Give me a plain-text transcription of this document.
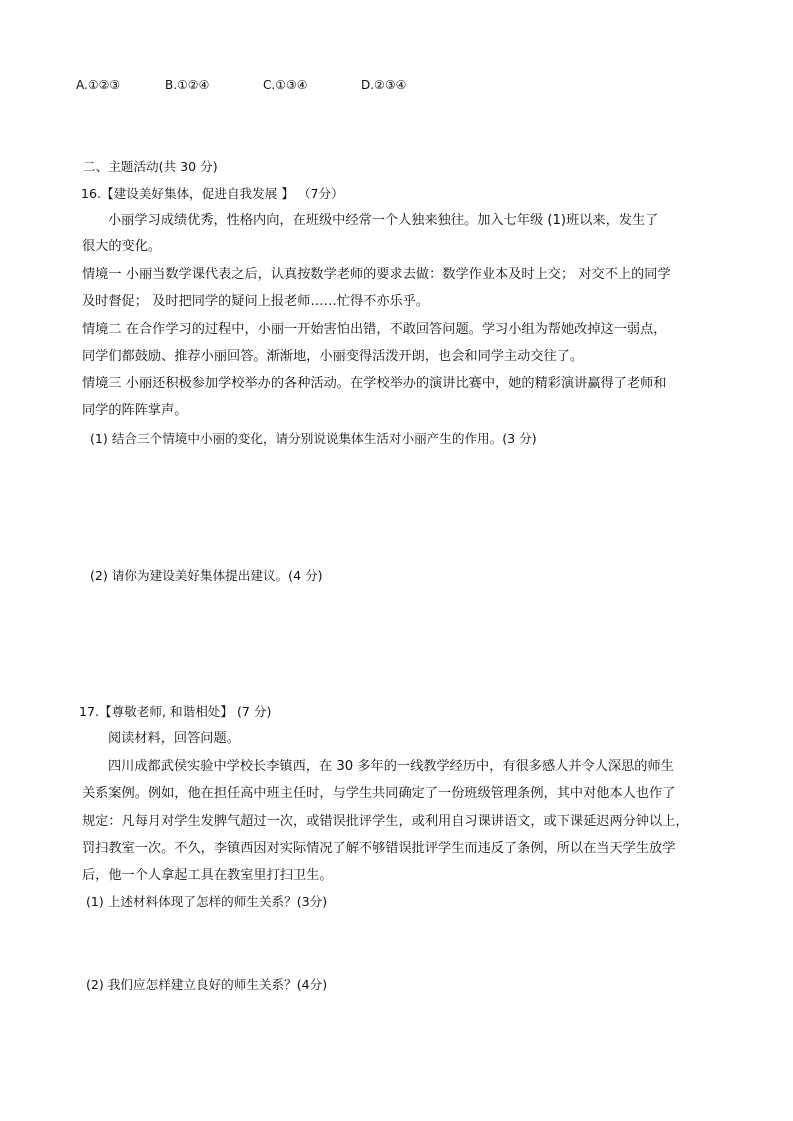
A.①②③	B.①②④	C.①③④	D.②③④
二、主题活动(共 30 分)
16.【建设美好集体，促进自我发展 】 （7分）
小丽学习成绩优秀，性格内向，在班级中经常一个人独来独往。加入七年级 (1)班以来，发生了
很大的变化。
情境一 小丽当数学课代表之后，认真按数学老师的要求去做：数学作业本及时上交； 对交不上的同学
及时督促； 及时把同学的疑问上报老师……忙得不亦乐乎。
情境二 在合作学习的过程中，小丽一开始害怕出错，不敢回答问题。学习小组为帮她改掉这一弱点，
同学们都鼓励、推荐小丽回答。渐渐地，小丽变得活泼开朗，也会和同学主动交往了。
情境三 小丽还积极参加学校举办的各种活动。在学校举办的演讲比赛中，她的精彩演讲赢得了老师和
同学的阵阵掌声。
(1) 结合三个情境中小丽的变化，请分别说说集体生活对小丽产生的作用。(3 分)
(2) 请你为建设美好集体提出建议。(4 分)
17.【尊敬老师, 和谐相处】 (7 分)
阅读材料，回答问题。
四川成都武侯实验中学校长李镇西，在 30 多年的一线教学经历中，有很多感人并令人深思的师生
关系案例。例如，他在担任高中班主任时，与学生共同确定了一份班级管理条例，其中对他本人也作了
规定：凡每月对学生发脾气超过一次，或错误批评学生，或利用自习课讲语文，或下课延迟两分钟以上，
罚扫教室一次。不久，李镇西因对实际情况了解不够错误批评学生而违反了条例，所以在当天学生放学
后，他一个人拿起工具在教室里打扫卫生。
(1) 上述材料体现了怎样的师生关系？(3分)
(2) 我们应怎样建立良好的师生关系？(4分)
